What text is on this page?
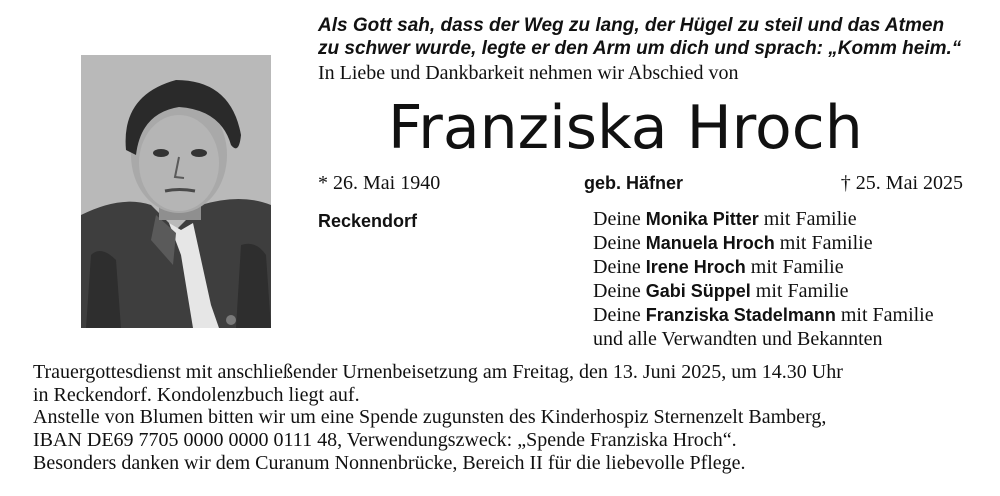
Als Gott sah, dass der Weg zu lang, der Hügel zu steil und das Atmen
zu schwer wurde, legte er den Arm um dich und sprach: „Komm heim.“
In Liebe und Dankbarkeit nehmen wir Abschied von
Franziska Hroch
* 26. Mai 1940	geb. Häfner	† 25. Mai 2025
Reckendorf	Deine Monika Pitter mit Familie
Deine Manuela Hroch mit Familie
Deine Irene Hroch mit Familie
Deine Gabi Süppel mit Familie
Deine Franziska Stadelmann mit Familie
und alle Verwandten und Bekannten
Trauergottesdienst mit anschließender Urnenbeisetzung am Freitag, den 13. Juni 2025, um 14.30 Uhr
in Reckendorf. Kondolenzbuch liegt auf.
Anstelle von Blumen bitten wir um eine Spende zugunsten des Kinderhospiz Sternenzelt Bamberg,
IBAN DE69 7705 0000 0000 0111 48, Verwendungszweck: „Spende Franziska Hroch“.
Besonders danken wir dem Curanum Nonnenbrücke, Bereich II für die liebevolle Pflege.
